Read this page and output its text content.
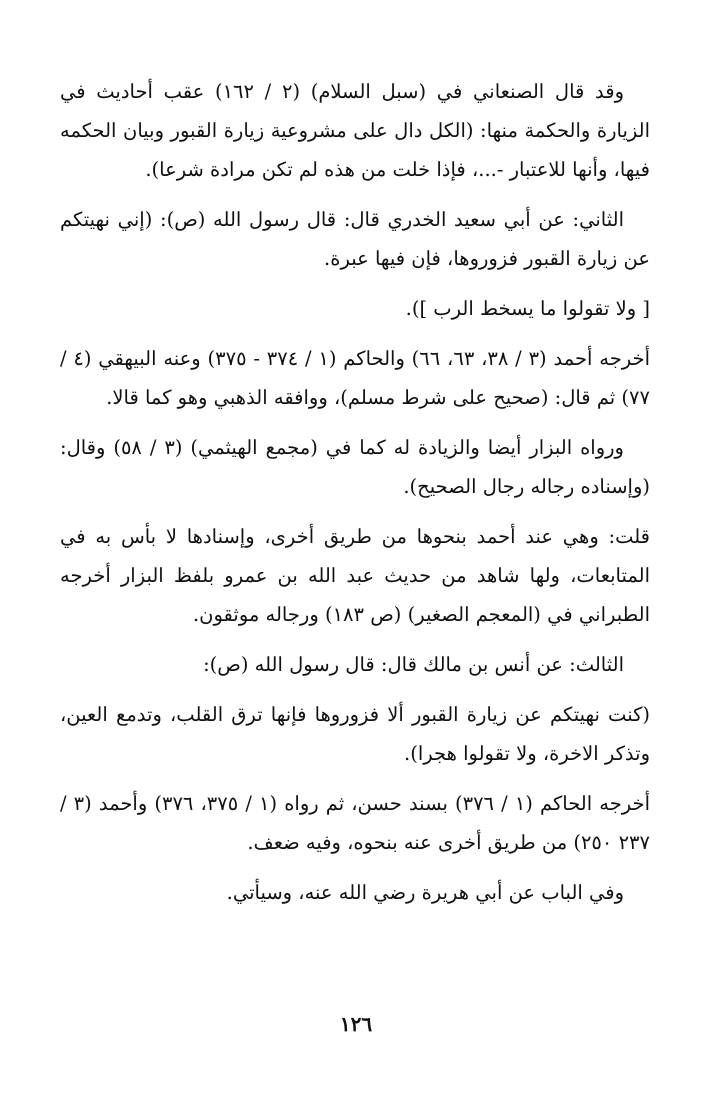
وقد قال الصنعاني في (سبل السلام) (٢ / ١٦٢) عقب أحاديث في الزيارة والحكمة منها: (الكل دال على مشروعية زيارة القبور وبيان الحكمه فيها، وأنها للاعتبار -...، فإذا خلت من هذه لم تكن مرادة شرعا).

الثاني: عن أبي سعيد الخدري قال: قال رسول الله (ص): (إني نهيتكم عن زيارة القبور فزوروها، فإن فيها عبرة.

[ ولا تقولوا ما يسخط الرب ]).

أخرجه أحمد (٣ / ٣٨، ٦٣، ٦٦) والحاكم (١ / ٣٧٤ - ٣٧٥) وعنه البيهقي (٤ / ٧٧) ثم قال: (صحيح على شرط مسلم)، ووافقه الذهبي وهو كما قالا.

ورواه البزار أيضا والزيادة له كما في (مجمع الهيثمي) (٣ / ٥٨) وقال: (وإسناده رجاله رجال الصحيح).

قلت: وهي عند أحمد بنحوها من طريق أخرى، وإسنادها لا بأس به في المتابعات، ولها شاهد من حديث عبد الله بن عمرو بلفظ البزار أخرجه الطبراني في (المعجم الصغير) (ص ١٨٣) ورجاله موثقون.

الثالث: عن أنس بن مالك قال: قال رسول الله (ص):

(كنت نهيتكم عن زيارة القبور ألا فزوروها فإنها ترق القلب، وتدمع العين، وتذكر الاخرة، ولا تقولوا هجرا).

أخرجه الحاكم (١ / ٣٧٦) بسند حسن، ثم رواه (١ / ٣٧٥، ٣٧٦) وأحمد (٣ / ٢٣٧ ٢٥٠) من طريق أخرى عنه بنحوه، وفيه ضعف.

وفي الباب عن أبي هريرة رضي الله عنه، وسيأتي.

١٢٦
